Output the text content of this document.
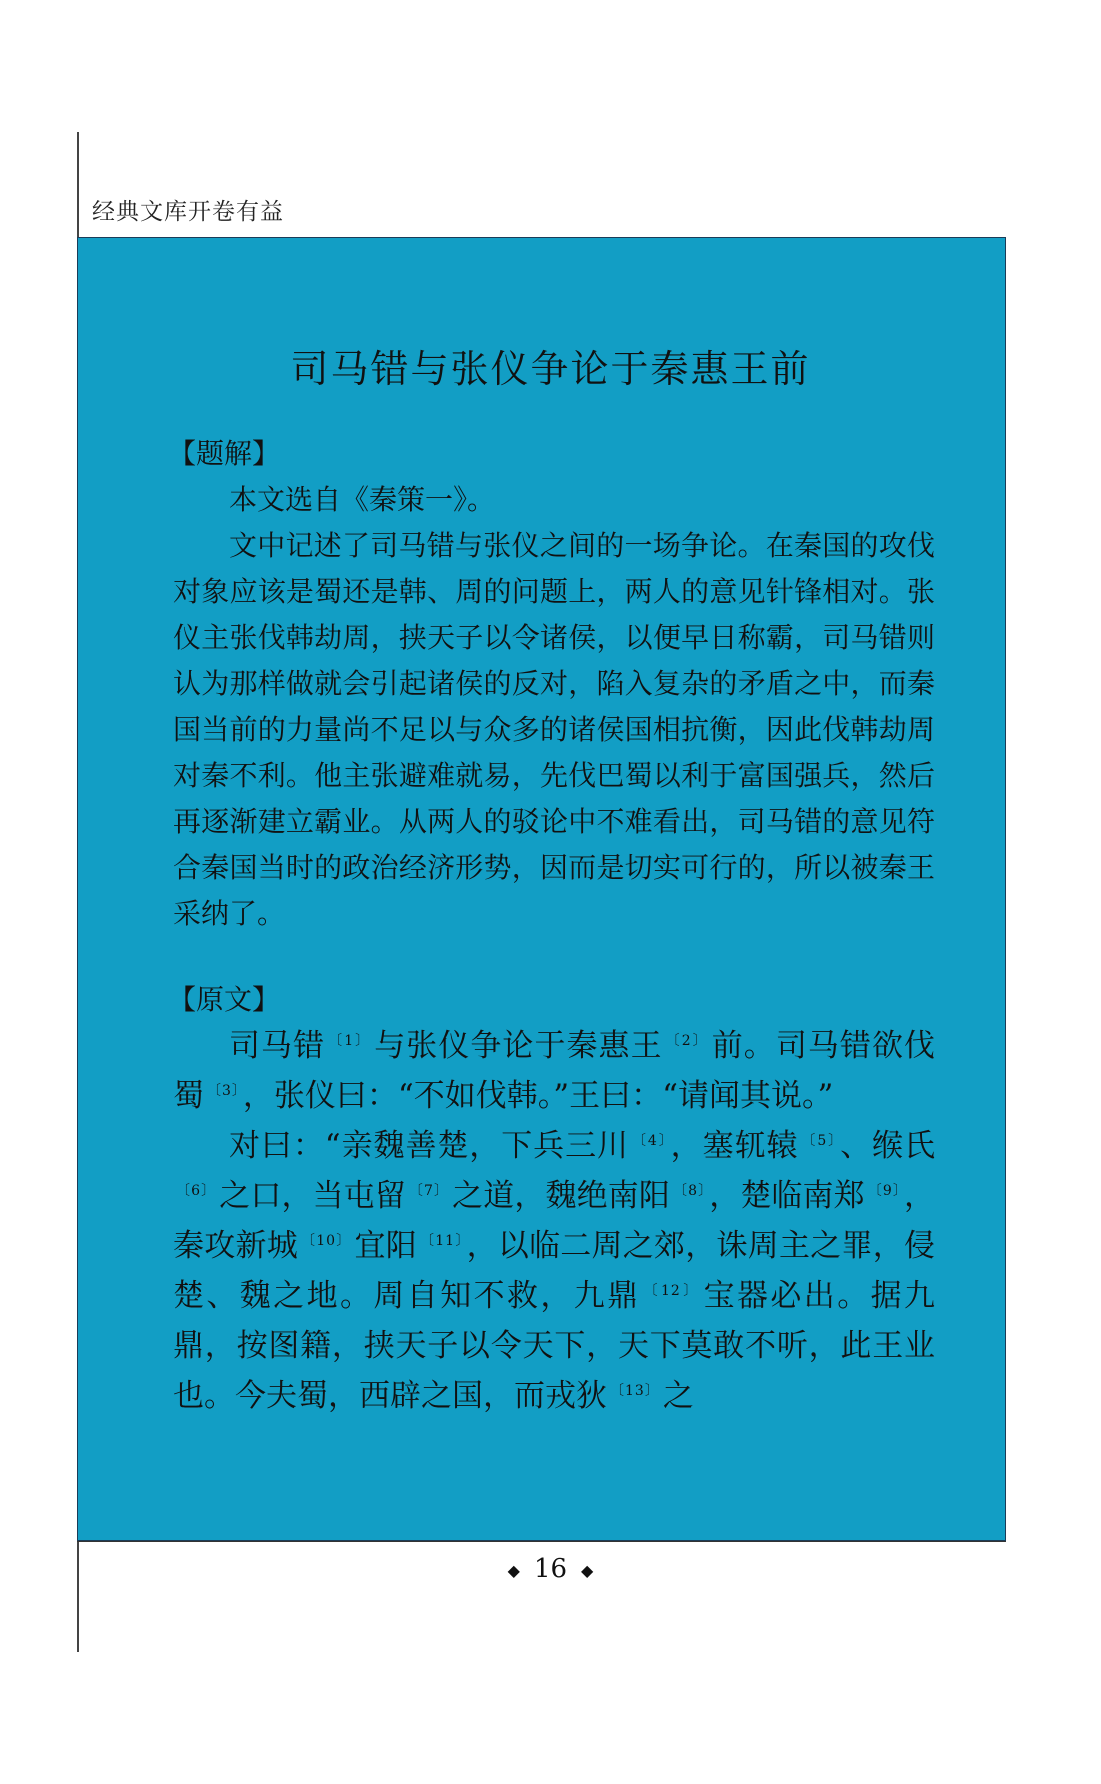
经典文库开卷有益
司马错与张仪争论于秦惠王前
【题解】

本文选自《秦策一》。

文中记述了司马错与张仪之间的一场争论。在秦国的攻伐对象应该是蜀还是韩、周的问题上，两人的意见针锋相对。张仪主张伐韩劫周，挟天子以令诸侯，以便早日称霸，司马错则认为那样做就会引起诸侯的反对，陷入复杂的矛盾之中，而秦国当前的力量尚不足以与众多的诸侯国相抗衡，因此伐韩劫周对秦不利。他主张避难就易，先伐巴蜀以利于富国强兵，然后再逐渐建立霸业。从两人的驳论中不难看出，司马错的意见符合秦国当时的政治经济形势，因而是切实可行的，所以被秦王采纳了。

【原文】

司马错 $^{〔1〕}$与张仪争论于秦惠王 $^{〔2〕}$前。司马错欲伐蜀 $^{〔3〕}$，张仪曰：“不如伐韩。”王曰：“请闻其说。”

对曰：“亲魏善楚，下兵三川 $^{〔4〕}$，塞𫐄辕 $^{〔5〕}$、缑氏$^{〔6〕}$之口，当屯留 $^{〔7〕}$之道，魏绝南阳 $^{〔8〕}$，楚临南郑 $^{〔9〕}$，秦攻新城 $^{〔10〕}$宜阳 $^{〔11〕}$，以临二周之郊，诛周主之罪，侵楚、魏之地。周自知不救，九鼎 $^{〔12〕}$宝器必出。据九鼎，按图籍，挟天子以令天下，天下莫敢不听，此王业也。今夫蜀，西辟之国，而戎狄 $^{〔13〕}$之

◆ 16 ◆
